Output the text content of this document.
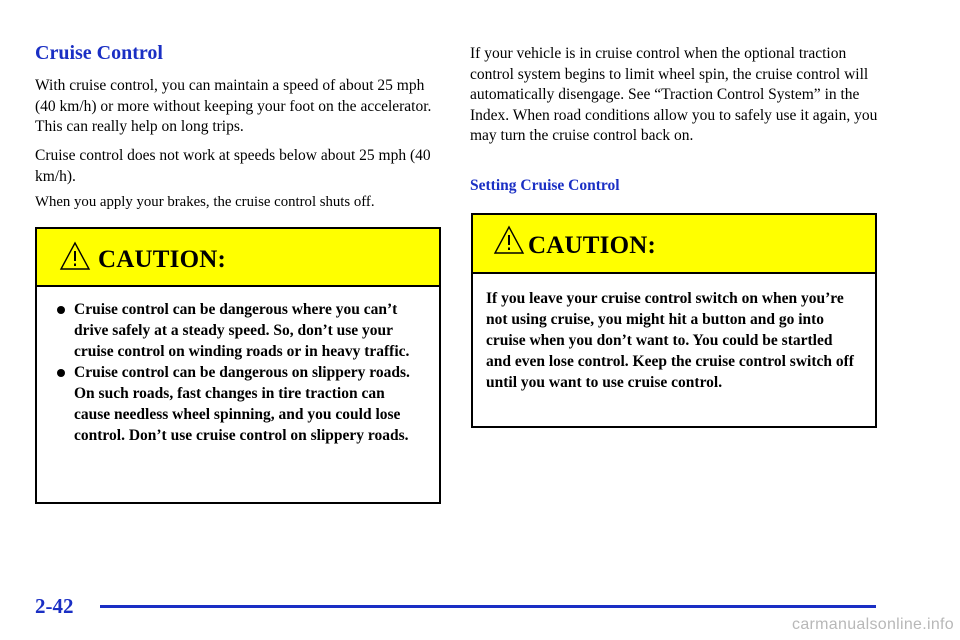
Cruise Control

With cruise control, you can maintain a speed of about 25 mph (40 km/h) or more without keeping your foot on the accelerator. This can really help on long trips.

Cruise control does not work at speeds below about 25 mph (40 km/h).

When you apply your brakes, the cruise control shuts off.

CAUTION:

Cruise control can be dangerous where you can’t drive safely at a steady speed. So, don’t use your cruise control on winding roads or in heavy traffic.
Cruise control can be dangerous on slippery roads. On such roads, fast changes in tire traction can cause needless wheel spinning, and you could lose control. Don’t use cruise control on slippery roads.

If your vehicle is in cruise control when the optional traction control system begins to limit wheel spin, the cruise control will automatically disengage. See “Traction Control System” in the Index. When road conditions allow you to safely use it again, you may turn the cruise control back on.

Setting Cruise Control

CAUTION:

If you leave your cruise control switch on when you’re not using cruise, you might hit a button and go into cruise when you don’t want to. You could be startled and even lose control. Keep the cruise control switch off until you want to use cruise control.

2-42

carmanualsonline.info
